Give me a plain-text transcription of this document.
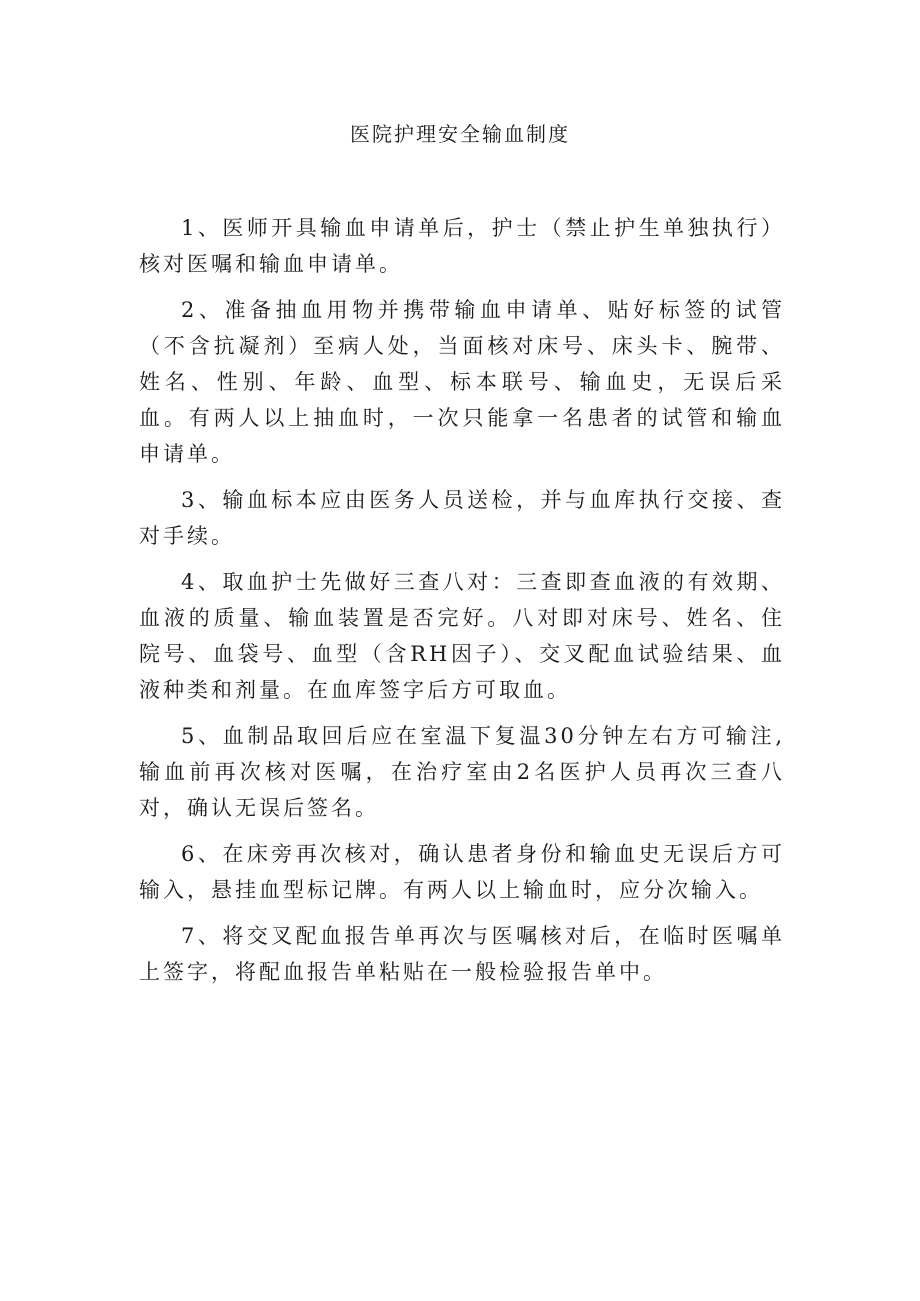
医院护理安全输血制度

1、医师开具输血申请单后，护士（禁止护生单独执行）核对医嘱和输血申请单。

2、准备抽血用物并携带输血申请单、贴好标签的试管（不含抗凝剂）至病人处，当面核对床号、床头卡、腕带、姓名、性别、年龄、血型、标本联号、输血史，无误后采血。有两人以上抽血时，一次只能拿一名患者的试管和输血申请单。

3、输血标本应由医务人员送检，并与血库执行交接、查对手续。

4、取血护士先做好三查八对：三查即查血液的有效期、血液的质量、输血装置是否完好。八对即对床号、姓名、住院号、血袋号、血型（含RH因子）、交叉配血试验结果、血液种类和剂量。在血库签字后方可取血。

5、血制品取回后应在室温下复温30分钟左右方可输注,输血前再次核对医嘱，在治疗室由2名医护人员再次三查八对，确认无误后签名。

6、在床旁再次核对，确认患者身份和输血史无误后方可输入，悬挂血型标记牌。有两人以上输血时，应分次输入。

7、将交叉配血报告单再次与医嘱核对后，在临时医嘱单上签字，将配血报告单粘贴在一般检验报告单中。
